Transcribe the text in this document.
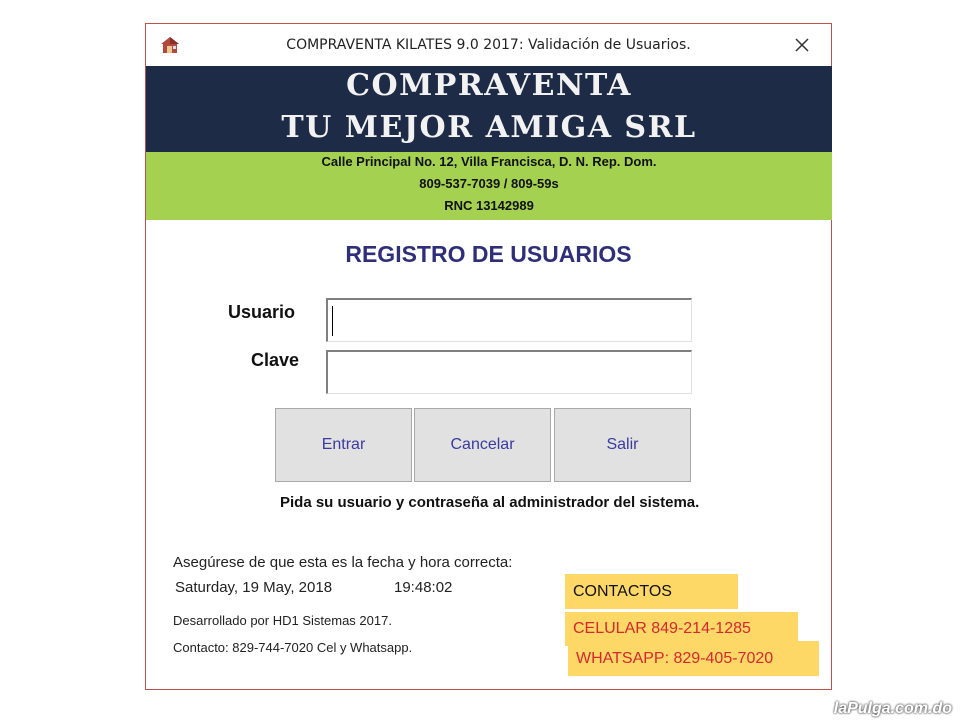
COMPRAVENTA KILATES 9.0 2017: Validación de Usuarios.
COMPRAVENTA
TU MEJOR AMIGA SRL
Calle Principal No. 12, Villa Francisca, D. N. Rep. Dom.
809-537-7039 / 809-59s
RNC 13142989
REGISTRO DE USUARIOS
Usuario
Clave
Entrar	Cancelar	Salir
Pida su usuario y contraseña al administrador del sistema.
Asegúrese de que esta es la fecha y hora correcta:
Saturday, 19 May, 2018	19:48:02
Desarrollado por HD1 Sistemas 2017.
Contacto: 829-744-7020 Cel y Whatsapp.
CONTACTOS
CELULAR 849-214-1285
WHATSAPP: 829-405-7020
laPulga.com.do
